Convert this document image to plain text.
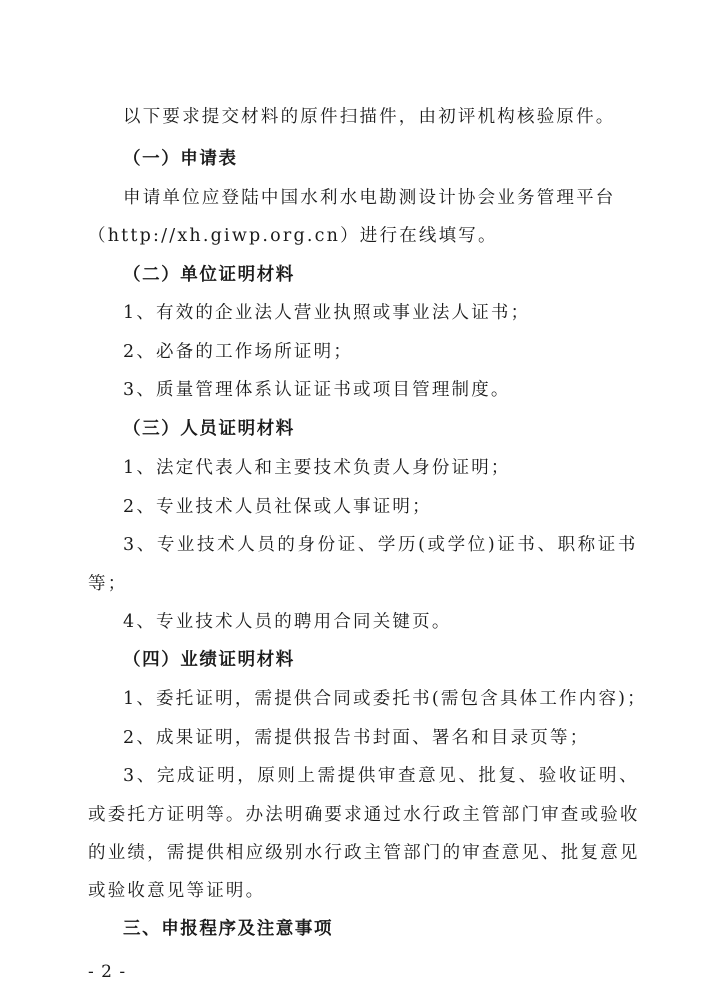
以下要求提交材料的原件扫描件，由初评机构核验原件。
（一）申请表
申请单位应登陆中国水利水电勘测设计协会业务管理平台
（http://xh.giwp.org.cn）进行在线填写。
（二）单位证明材料
1、有效的企业法人营业执照或事业法人证书；
2、必备的工作场所证明；
3、质量管理体系认证证书或项目管理制度。
（三）人员证明材料
1、法定代表人和主要技术负责人身份证明；
2、专业技术人员社保或人事证明；
3、专业技术人员的身份证、学历(或学位)证书、职称证书
等；
4、专业技术人员的聘用合同关键页。
（四）业绩证明材料
1、委托证明，需提供合同或委托书(需包含具体工作内容)；
2、成果证明，需提供报告书封面、署名和目录页等；
3、完成证明，原则上需提供审查意见、批复、验收证明、
或委托方证明等。办法明确要求通过水行政主管部门审查或验收
的业绩，需提供相应级别水行政主管部门的审查意见、批复意见
或验收意见等证明。
三、申报程序及注意事项
- 2 -
